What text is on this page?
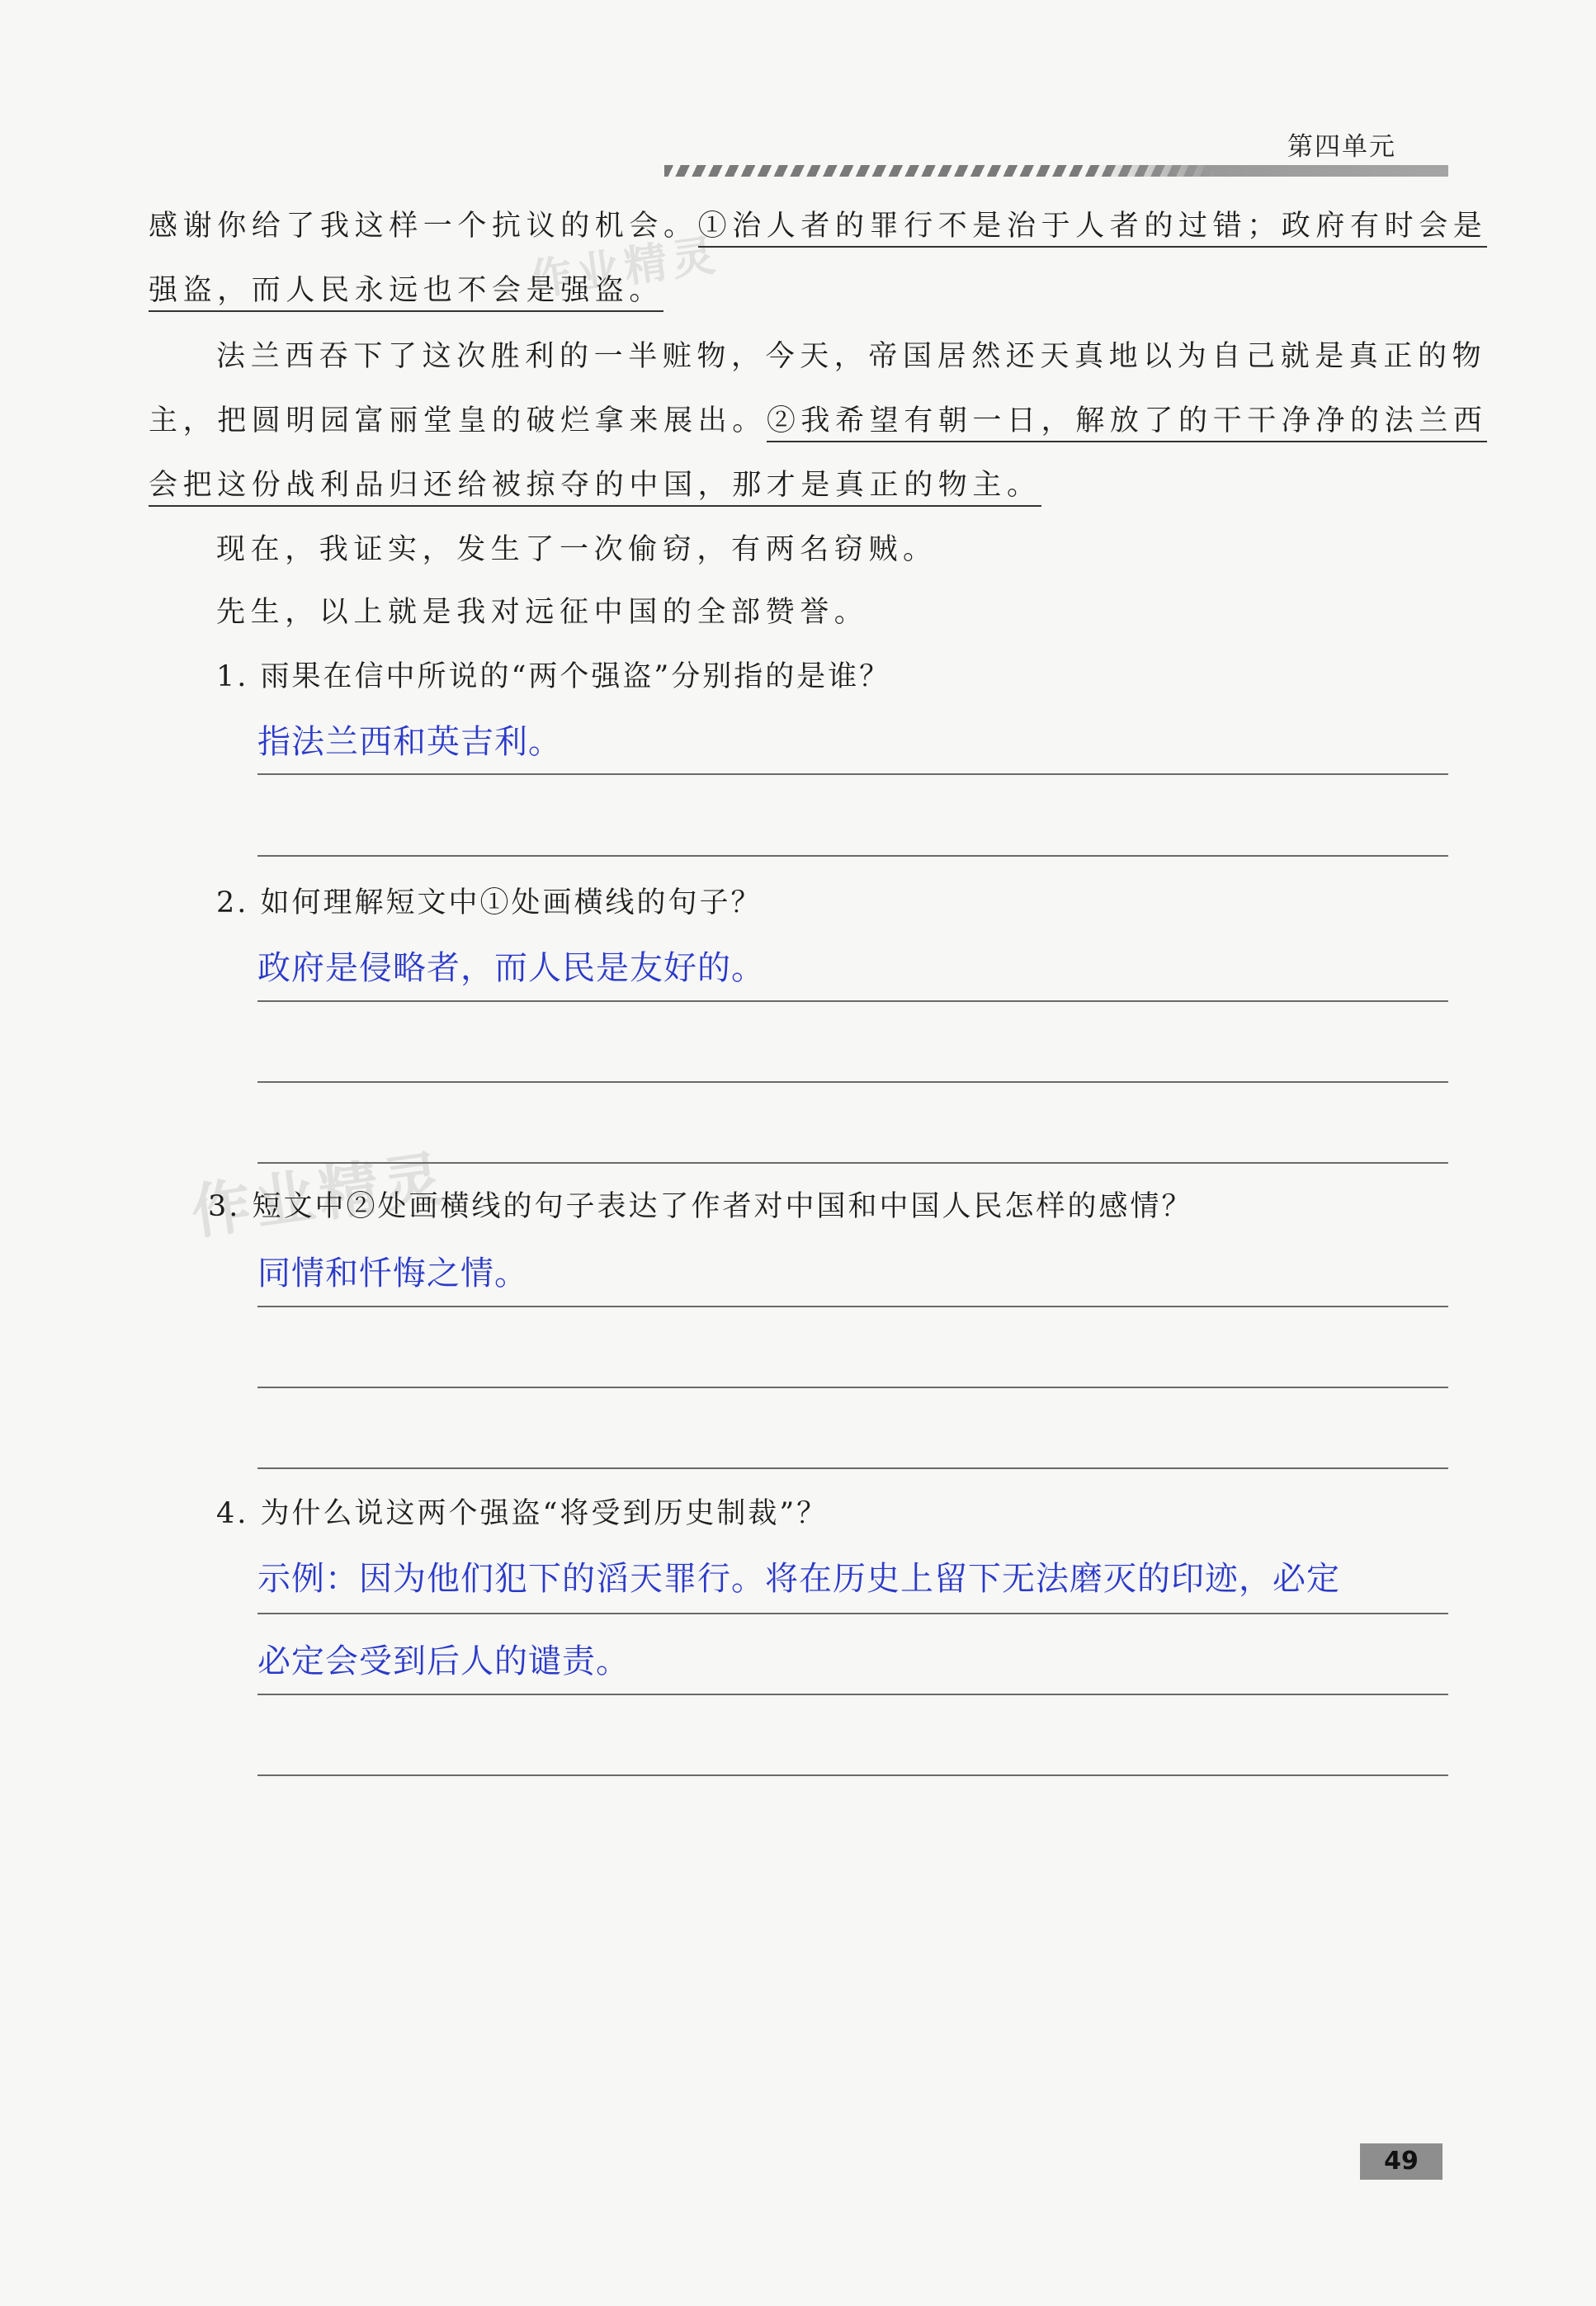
第四单元
作业精灵
作业精灵
感谢你给了我这样一个抗议的机会。①治人者的罪行不是治于人者的过错；政府有时会是
强盗，而人民永远也不会是强盗。
法兰西吞下了这次胜利的一半赃物，今天，帝国居然还天真地以为自己就是真正的物
主，把圆明园富丽堂皇的破烂拿来展出。②我希望有朝一日，解放了的干干净净的法兰西
会把这份战利品归还给被掠夺的中国，那才是真正的物主。
现在，我证实，发生了一次偷窃，有两名窃贼。
先生，以上就是我对远征中国的全部赞誉。
1. 雨果在信中所说的“两个强盗”分别指的是谁？
指法兰西和英吉利。
2. 如何理解短文中①处画横线的句子？
政府是侵略者，而人民是友好的。
3. 短文中②处画横线的句子表达了作者对中国和中国人民怎样的感情？
同情和忏悔之情。
4. 为什么说这两个强盗“将受到历史制裁”？
示例：因为他们犯下的滔天罪行。将在历史上留下无法磨灭的印迹，必定
必定会受到后人的谴责。
49
